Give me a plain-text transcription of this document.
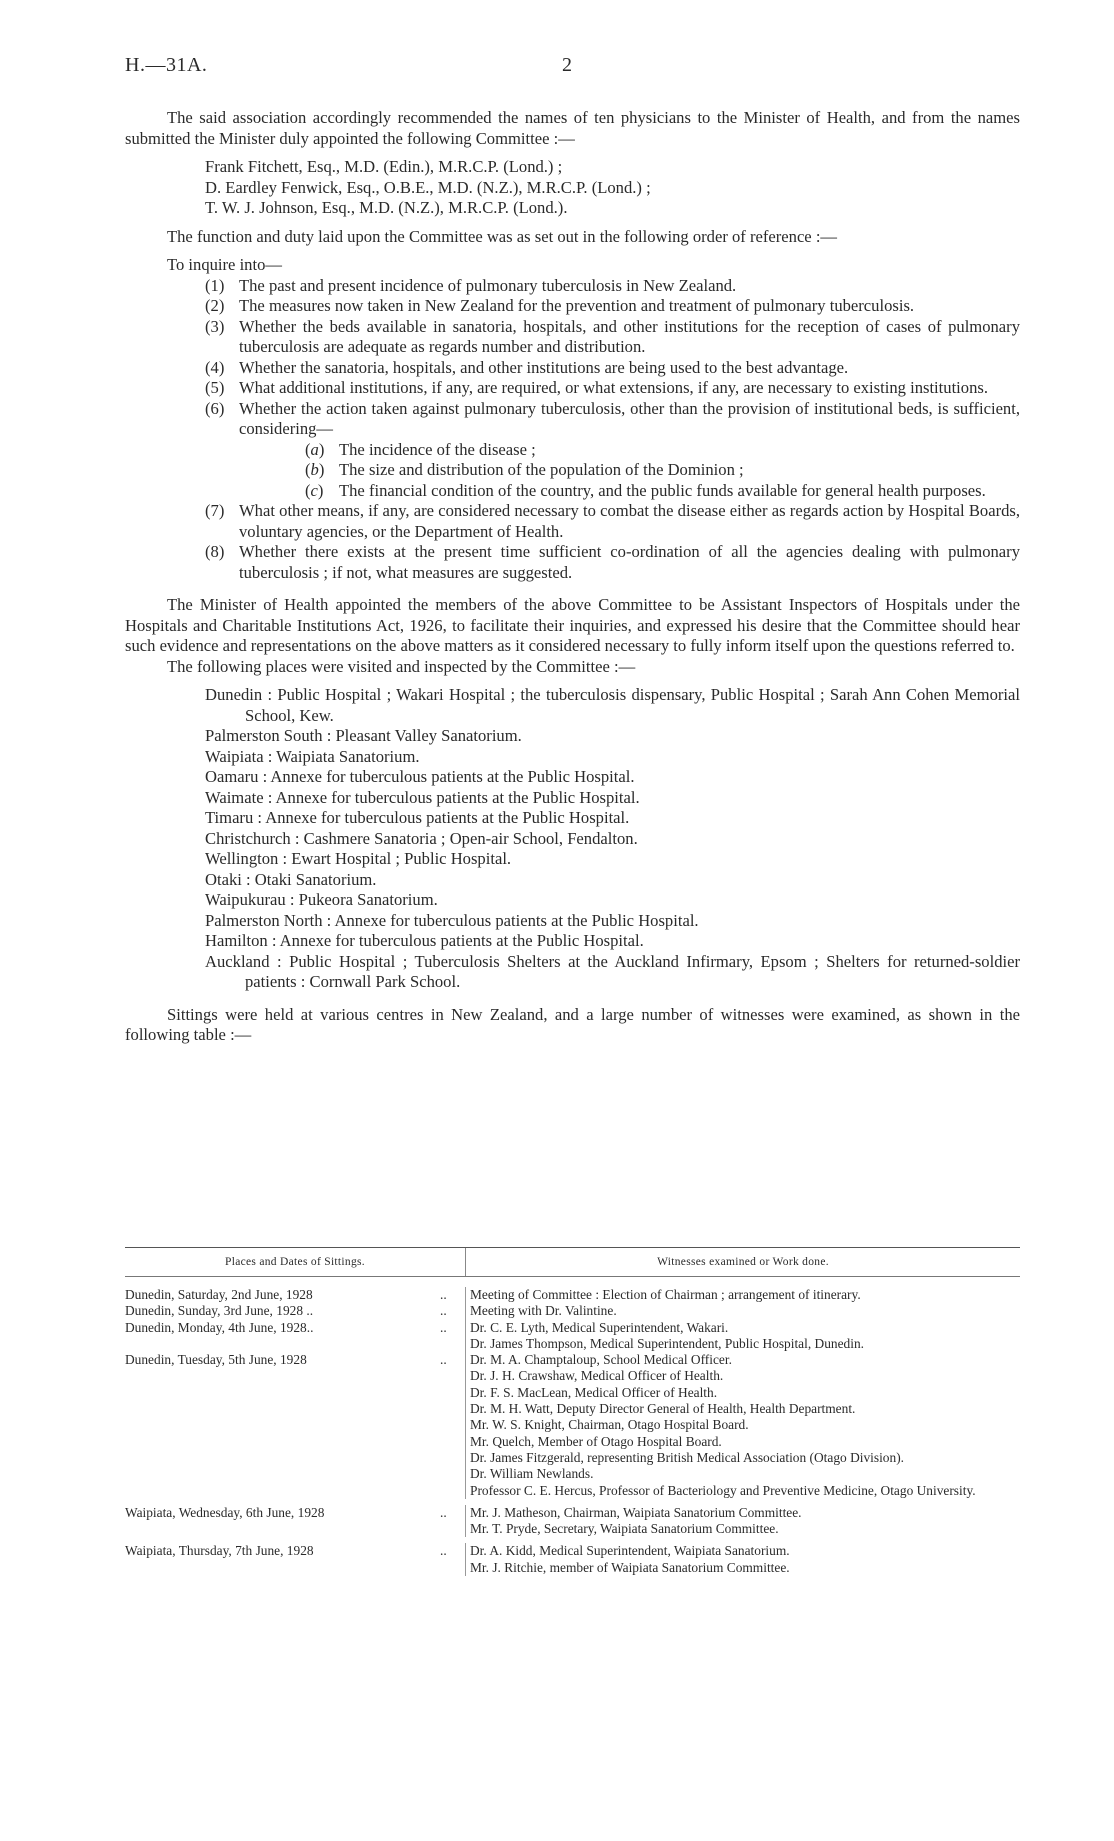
H.—31A.	2

The said association accordingly recommended the names of ten physicians to the Minister of Health, and from the names submitted the Minister duly appointed the following Committee :—

Frank Fitchett, Esq., M.D. (Edin.), M.R.C.P. (Lond.) ;
D. Eardley Fenwick, Esq., O.B.E., M.D. (N.Z.), M.R.C.P. (Lond.) ;
T. W. J. Johnson, Esq., M.D. (N.Z.), M.R.C.P. (Lond.).

The function and duty laid upon the Committee was as set out in the following order of reference :—

To inquire into—

(1) The past and present incidence of pulmonary tuberculosis in New Zealand.
(2) The measures now taken in New Zealand for the prevention and treatment of pulmonary tuberculosis.
(3) Whether the beds available in sanatoria, hospitals, and other institutions for the reception of cases of pulmonary tuberculosis are adequate as regards number and distribution.
(4) Whether the sanatoria, hospitals, and other institutions are being used to the best advantage.
(5) What additional institutions, if any, are required, or what extensions, if any, are necessary to existing institutions.
(6) Whether the action taken against pulmonary tuberculosis, other than the provision of institutional beds, is sufficient, considering—
(a) The incidence of the disease ;
(b) The size and distribution of the population of the Dominion ;
(c) The financial condition of the country, and the public funds available for general health purposes.
(7) What other means, if any, are considered necessary to combat the disease either as regards action by Hospital Boards, voluntary agencies, or the Department of Health.
(8) Whether there exists at the present time sufficient co-ordination of all the agencies dealing with pulmonary tuberculosis ; if not, what measures are suggested.

The Minister of Health appointed the members of the above Committee to be Assistant Inspectors of Hospitals under the Hospitals and Charitable Institutions Act, 1926, to facilitate their inquiries, and expressed his desire that the Committee should hear such evidence and representations on the above matters as it considered necessary to fully inform itself upon the questions referred to.

The following places were visited and inspected by the Committee :—

Dunedin : Public Hospital ; Wakari Hospital ; the tuberculosis dispensary, Public Hospital ; Sarah Ann Cohen Memorial School, Kew.
Palmerston South : Pleasant Valley Sanatorium.
Waipiata : Waipiata Sanatorium.
Oamaru : Annexe for tuberculous patients at the Public Hospital.
Waimate : Annexe for tuberculous patients at the Public Hospital.
Timaru : Annexe for tuberculous patients at the Public Hospital.
Christchurch : Cashmere Sanatoria ; Open-air School, Fendalton.
Wellington : Ewart Hospital ; Public Hospital.
Otaki : Otaki Sanatorium.
Waipukurau : Pukeora Sanatorium.
Palmerston North : Annexe for tuberculous patients at the Public Hospital.
Hamilton : Annexe for tuberculous patients at the Public Hospital.
Auckland : Public Hospital ; Tuberculosis Shelters at the Auckland Infirmary, Epsom ; Shelters for returned-soldier patients : Cornwall Park School.

Sittings were held at various centres in New Zealand, and a large number of witnesses were examined, as shown in the following table :—

Places and Dates of Sittings.	Witnesses examined or Work done.
Dunedin, Saturday, 2nd June, 1928	..	Meeting of Committee : Election of Chairman ; arrangement of itinerary.
Dunedin, Sunday, 3rd June, 1928 ..	..	Meeting with Dr. Valintine.
Dunedin, Monday, 4th June, 1928..	..	Dr. C. E. Lyth, Medical Superintendent, Wakari.
Dr. James Thompson, Medical Superintendent, Public Hospital, Dunedin.
Dunedin, Tuesday, 5th June, 1928	..	Dr. M. A. Champtaloup, School Medical Officer.
Dr. J. H. Crawshaw, Medical Officer of Health.
Dr. F. S. MacLean, Medical Officer of Health.
Dr. M. H. Watt, Deputy Director General of Health, Health Department.
Mr. W. S. Knight, Chairman, Otago Hospital Board.
Mr. Quelch, Member of Otago Hospital Board.
Dr. James Fitzgerald, representing British Medical Association (Otago Division).
Dr. William Newlands.
Professor C. E. Hercus, Professor of Bacteriology and Preventive Medicine, Otago University.
Waipiata, Wednesday, 6th June, 1928	..	Mr. J. Matheson, Chairman, Waipiata Sanatorium Committee.
Mr. T. Pryde, Secretary, Waipiata Sanatorium Committee.
Waipiata, Thursday, 7th June, 1928	..	Dr. A. Kidd, Medical Superintendent, Waipiata Sanatorium.
Mr. J. Ritchie, member of Waipiata Sanatorium Committee.
